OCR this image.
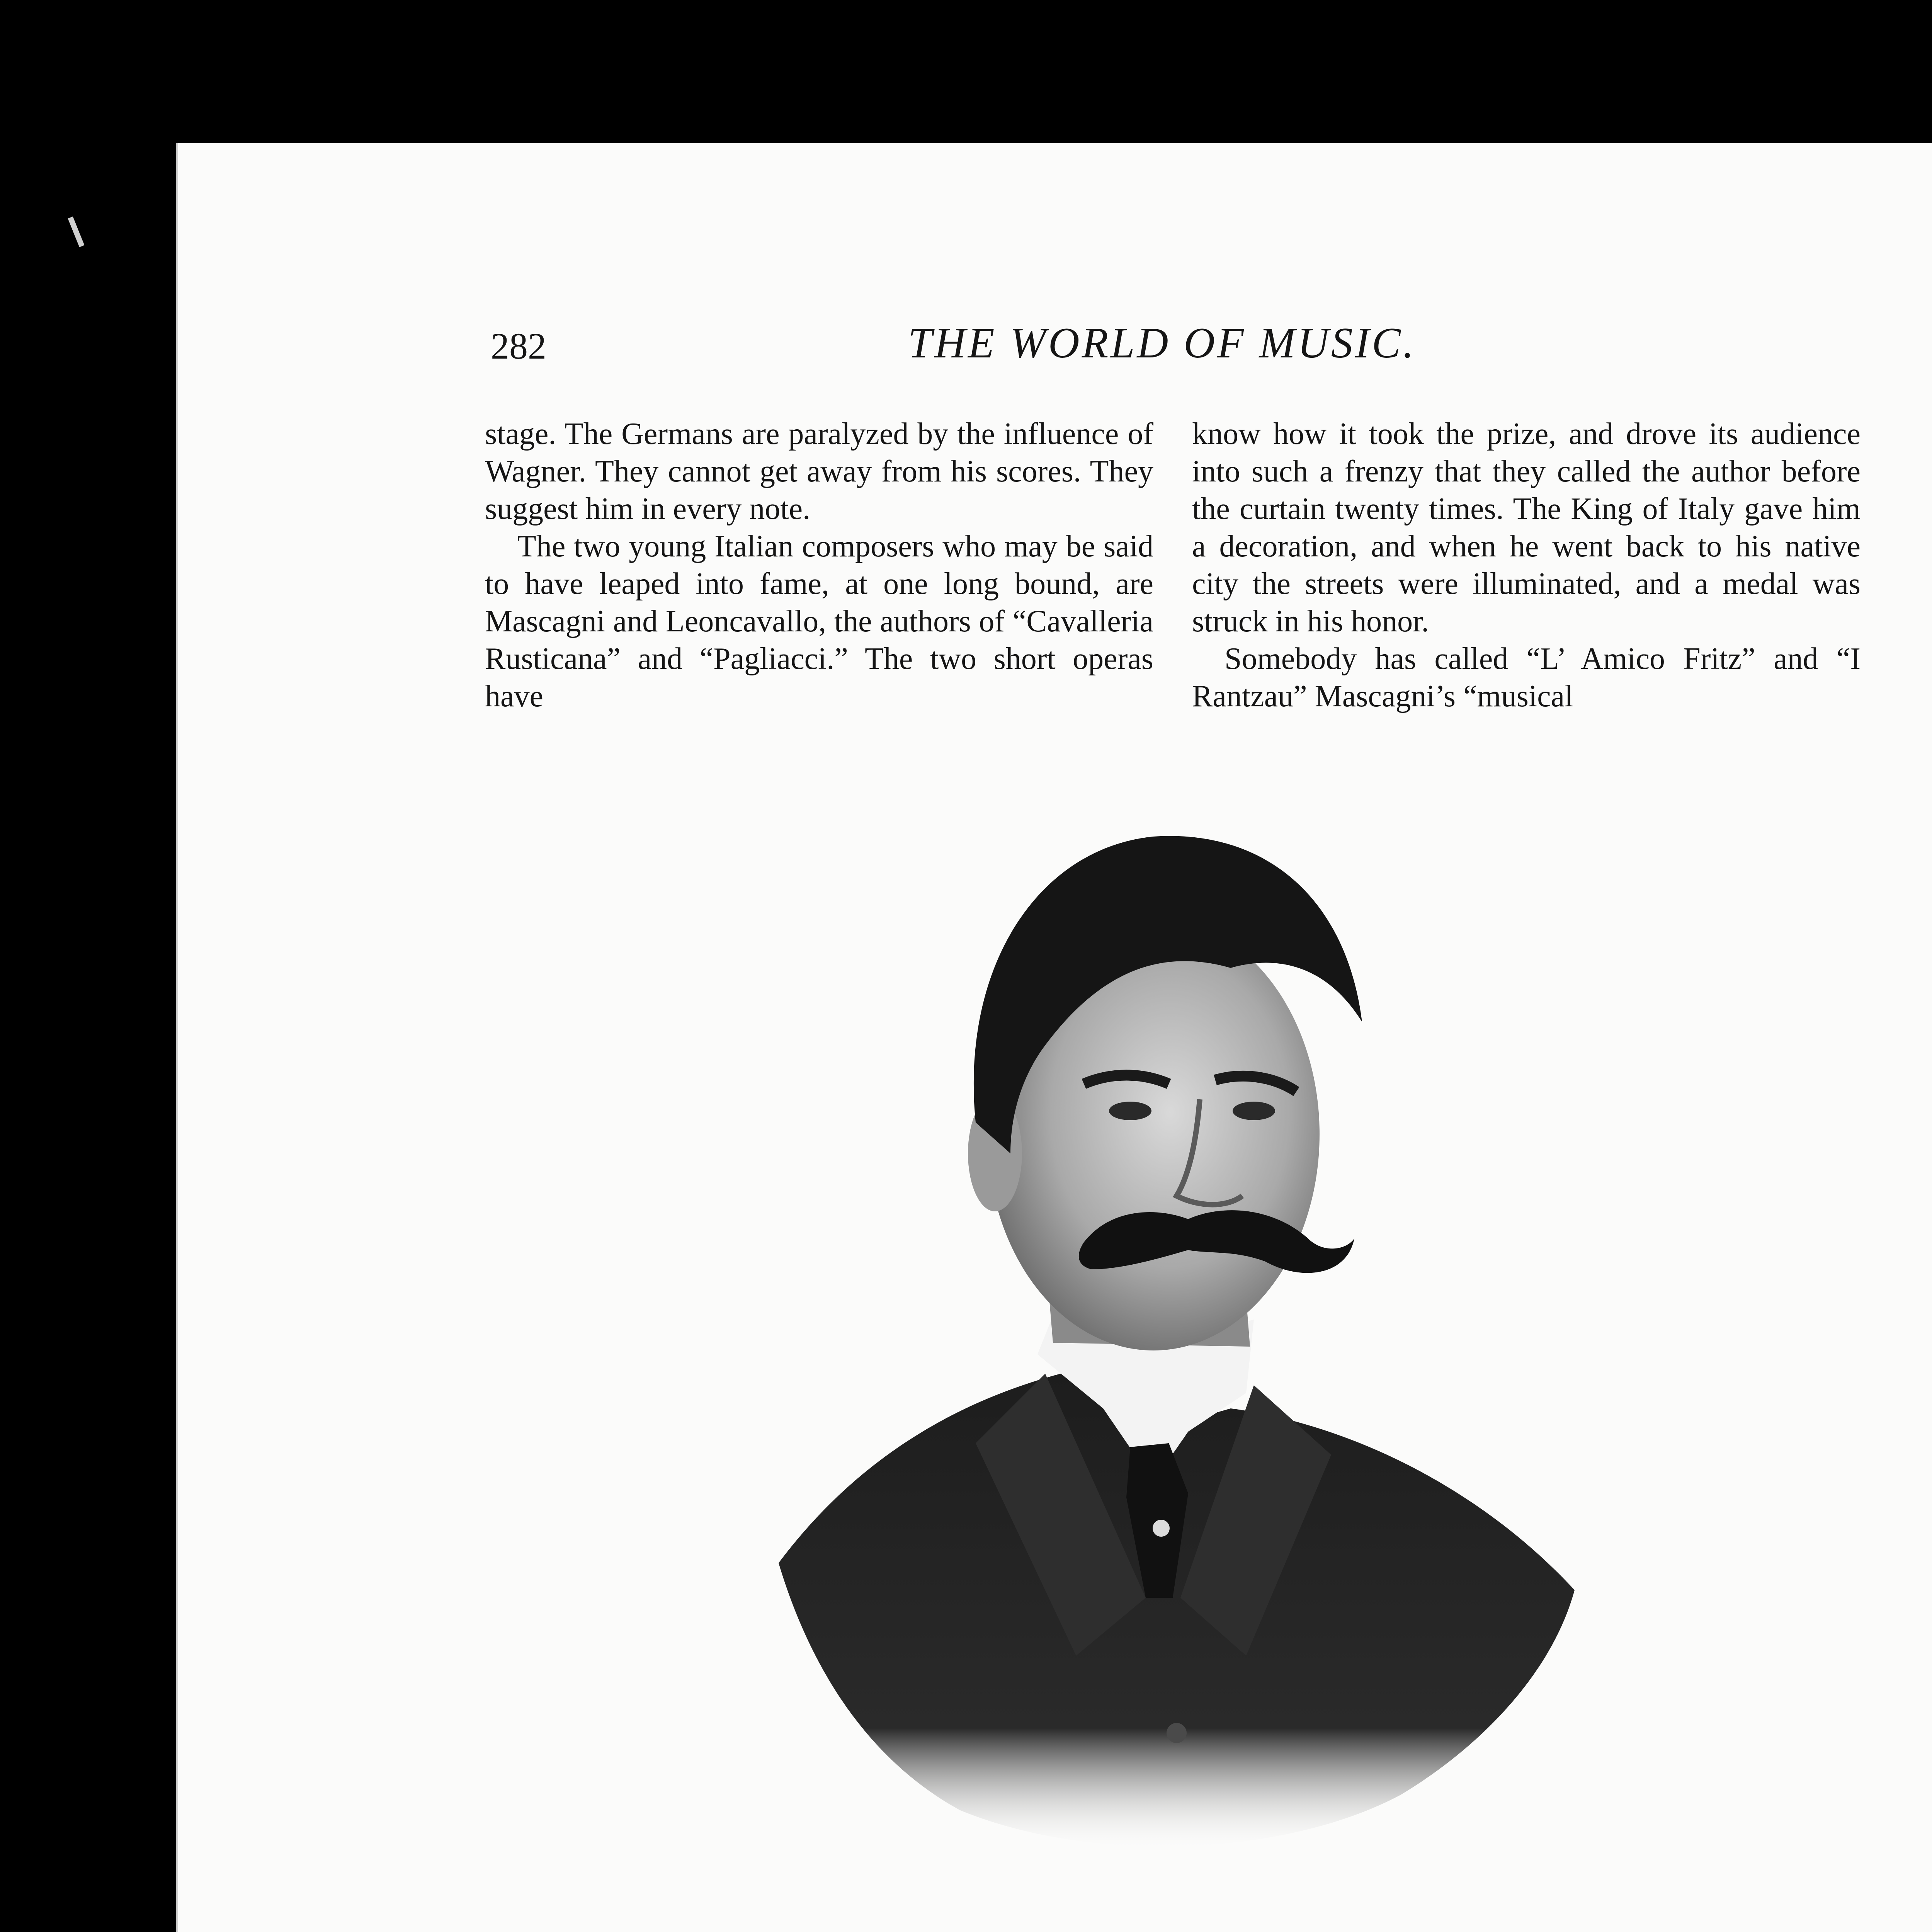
282	THE WORLD OF MUSIC.

stage. The Germans are paralyzed by the influence of Wagner. They cannot get away from his scores. They suggest him in every note.

The two young Italian composers who may be said to have leaped into fame, at one long bound, are Mascagni and Leoncavallo, the authors of “Cavalleria Rusticana” and “Pagliacci.” The two short operas have

know how it took the prize, and drove its audience into such a frenzy that they called the author before the curtain twenty times. The King of Italy gave him a decoration, and when he went back to his native city the streets were illuminated, and a medal was struck in his honor.

Somebody has called “L’ Amico Fritz” and “I Rantzau” Mascagni’s “musical
